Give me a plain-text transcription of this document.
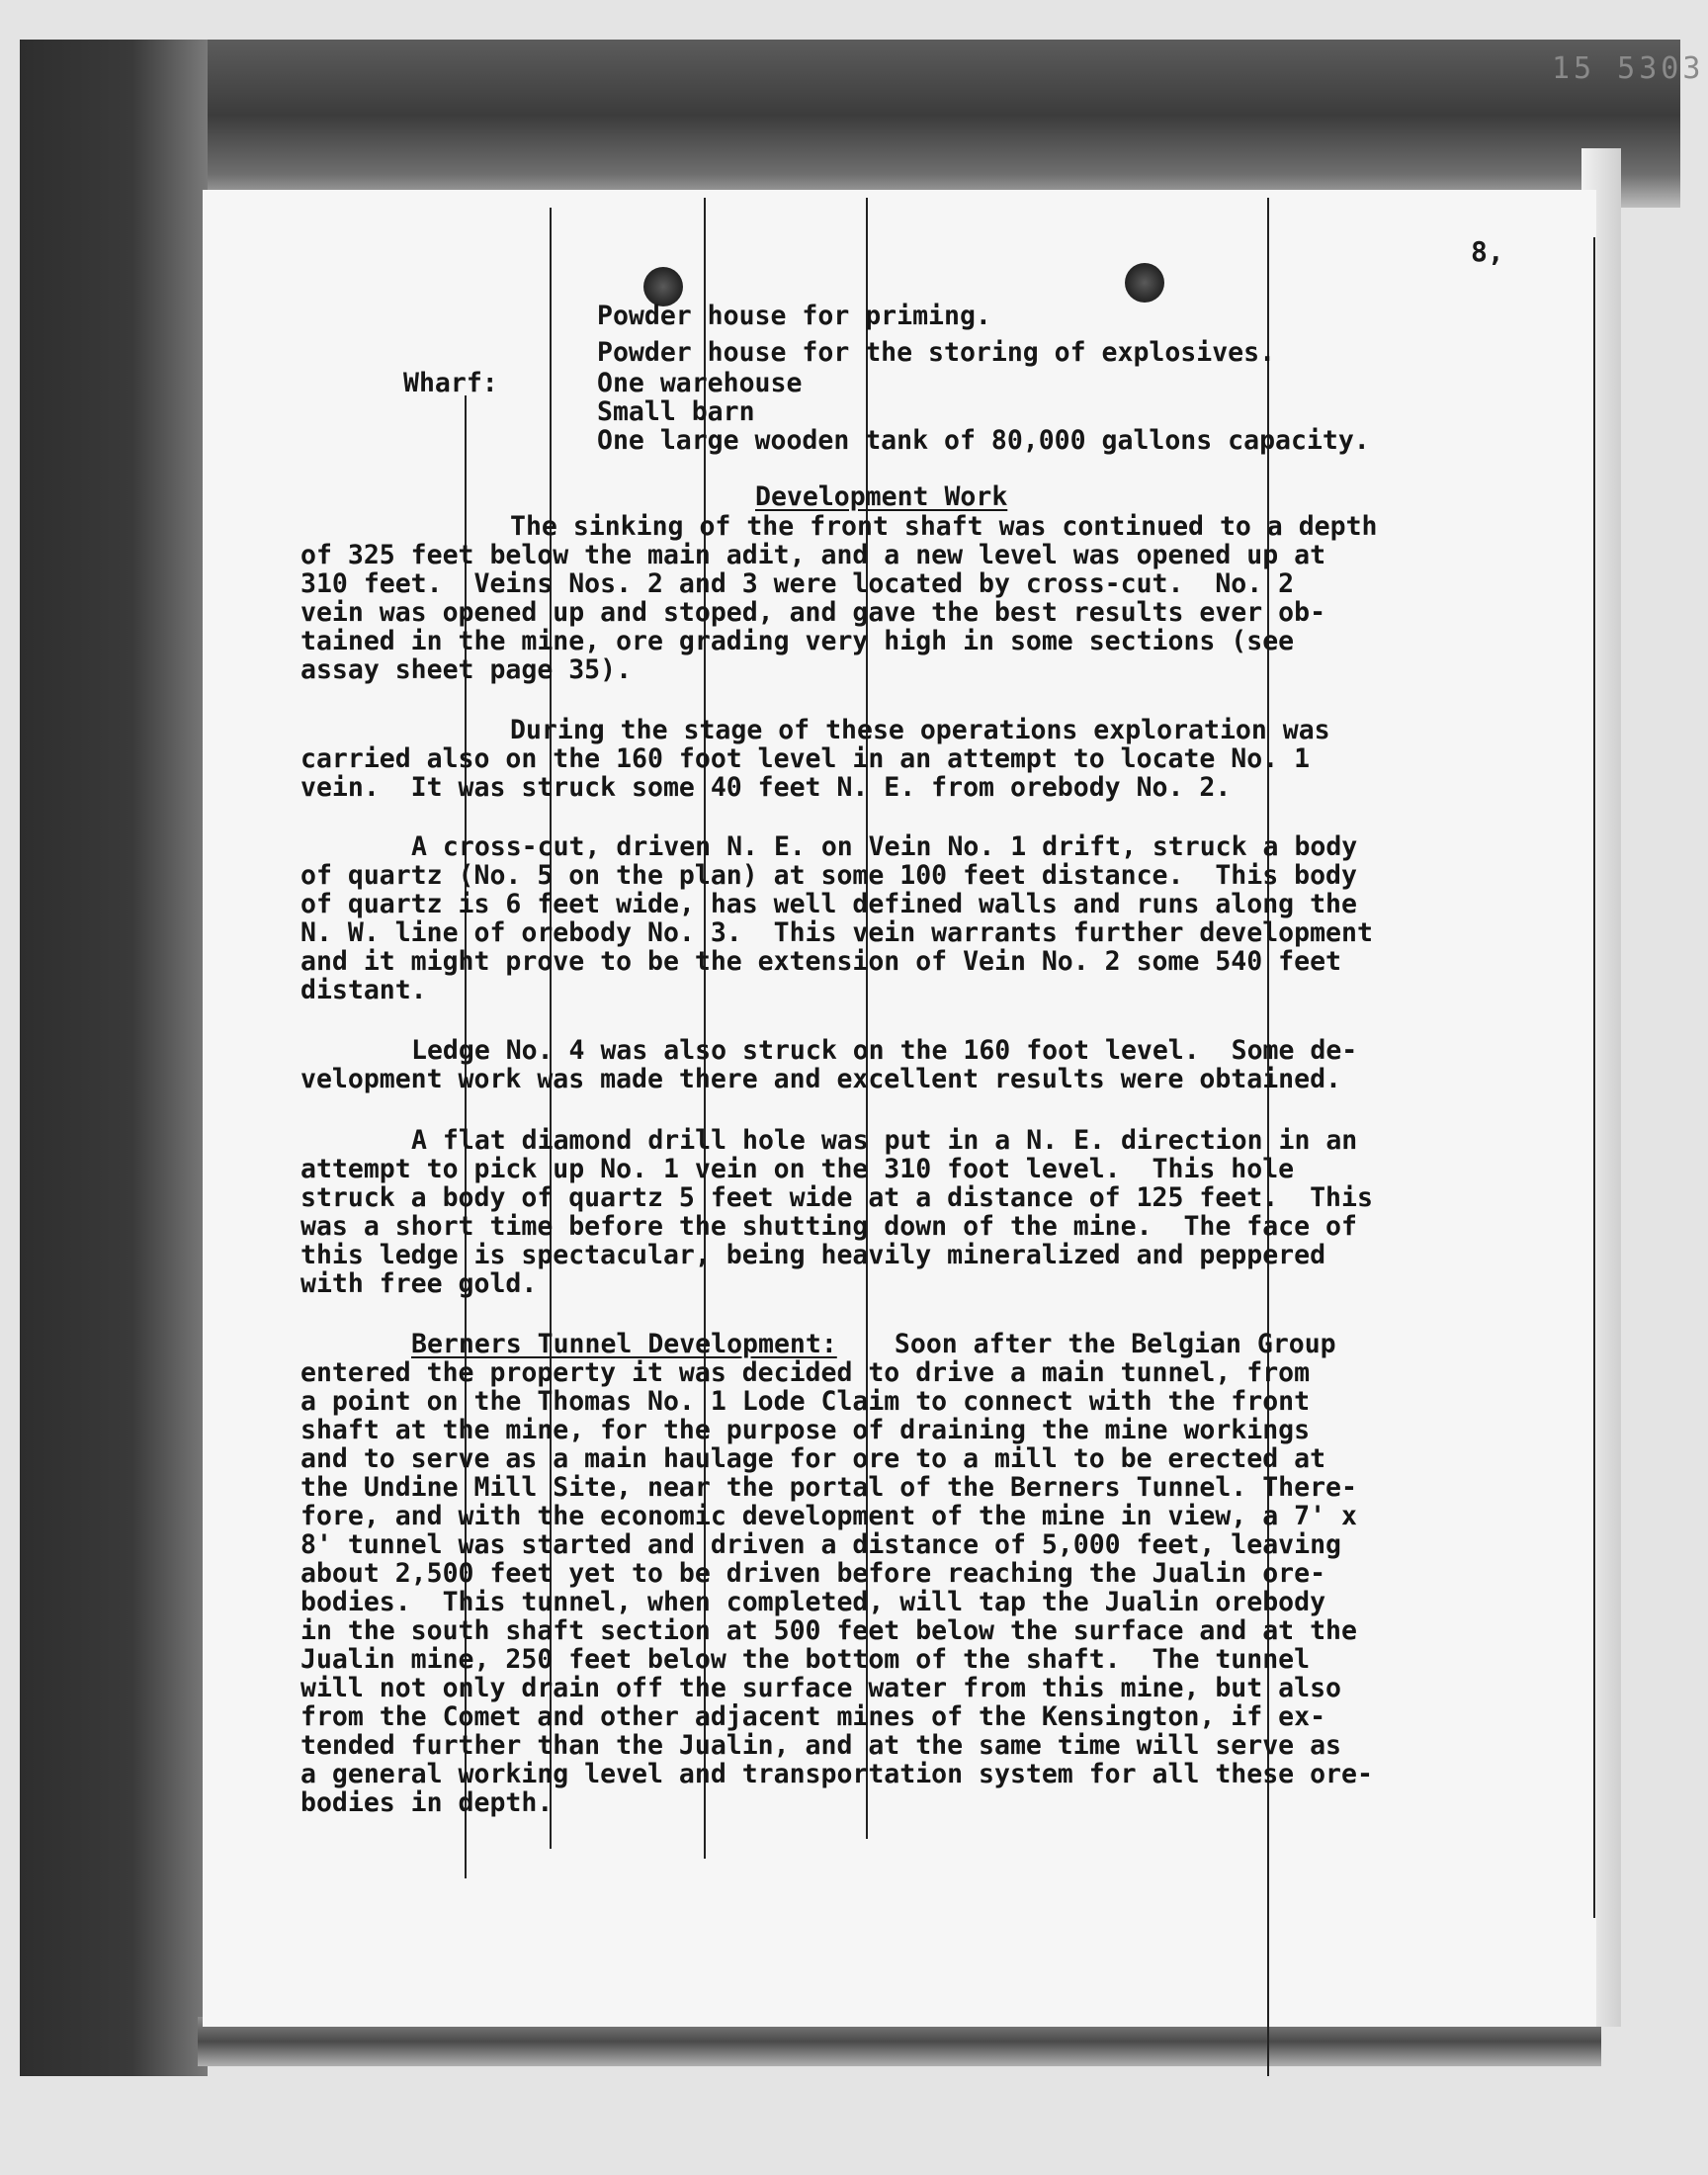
15 5303
8,
Powder house for priming.
Powder house for the storing of explosives.
Wharf:	One warehouse
Small barn
One large wooden tank of 80,000 gallons capacity.
Development Work
The sinking of the front shaft was continued to a depth
of 325 feet below the main adit, and a new level was opened up at
310 feet.  Veins Nos. 2 and 3 were located by cross-cut.  No. 2
vein was opened up and stoped, and gave the best results ever ob-
tained in the mine, ore grading very high in some sections (see
assay sheet page 35).
During the stage of these operations exploration was
carried also on the 160 foot level in an attempt to locate No. 1
vein.  It was struck some 40 feet N. E. from orebody No. 2.
A cross-cut, driven N. E. on Vein No. 1 drift, struck a body
of quartz (No. 5 on the plan) at some 100 feet distance.  This body
of quartz is 6 feet wide, has well defined walls and runs along the
N. W. line of orebody No. 3.  This vein warrants further development
and it might prove to be the extension of Vein No. 2 some 540 feet
distant.
Ledge No. 4 was also struck on the 160 foot level.  Some de-
velopment work was made there and excellent results were obtained.
A flat diamond drill hole was put in a N. E. direction in an
attempt to pick up No. 1 vein on the 310 foot level.  This hole
struck a body of quartz 5 feet wide at a distance of 125 feet.  This
was a short time before the shutting down of the mine.  The face of
this ledge is spectacular, being heavily mineralized and peppered
with free gold.
Berners Tunnel Development: Soon after the Belgian Group
entered the property it was decided to drive a main tunnel, from
a point on the Thomas No. 1 Lode Claim to connect with the front
shaft at the mine, for the purpose of draining the mine workings
and to serve as a main haulage for ore to a mill to be erected at
the Undine Mill Site, near the portal of the Berners Tunnel. There-
fore, and with the economic development of the mine in view, a 7' x
8' tunnel was started and driven a distance of 5,000 feet, leaving
about 2,500 feet yet to be driven before reaching the Jualin ore-
bodies.  This tunnel, when completed, will tap the Jualin orebody
in the south shaft section at 500 feet below the surface and at the
Jualin mine, 250 feet below the bottom of the shaft.  The tunnel
will not only drain off the surface water from this mine, but also
from the Comet and other adjacent mines of the Kensington, if ex-
tended further than the Jualin, and at the same time will serve as
a general working level and transportation system for all these ore-
bodies in depth.
